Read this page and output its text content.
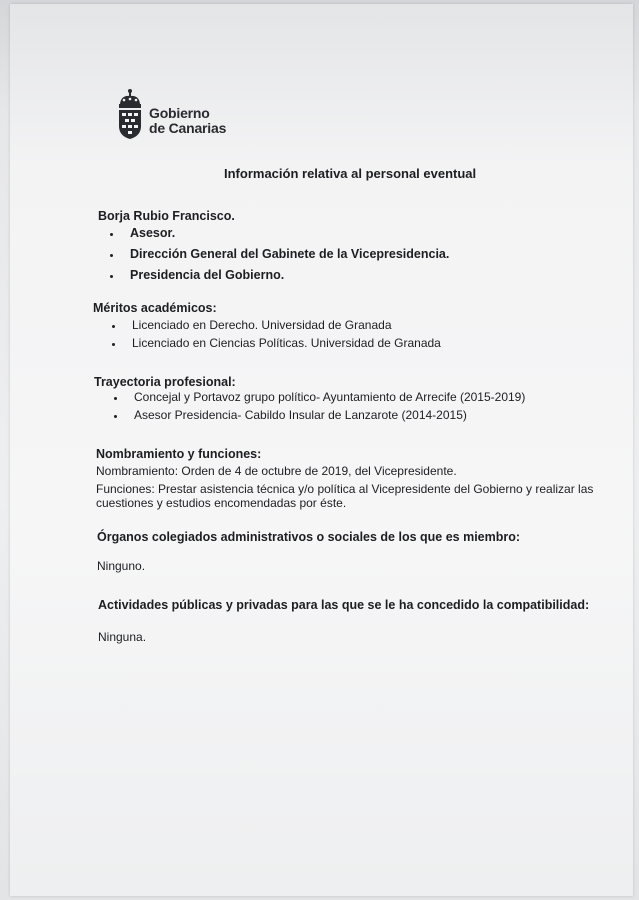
Gobierno
de Canarias
Información relativa al personal eventual
Borja Rubio Francisco.
Asesor.
Dirección General del Gabinete de la Vicepresidencia.
Presidencia del Gobierno.
Méritos académicos:
Licenciado en Derecho. Universidad de Granada
Licenciado en Ciencias Políticas. Universidad de Granada
Trayectoria profesional:
Concejal y Portavoz grupo político- Ayuntamiento de Arrecife (2015-2019)
Asesor Presidencia- Cabildo Insular de Lanzarote (2014-2015)
Nombramiento y funciones:
Nombramiento: Orden de 4 de octubre de 2019, del Vicepresidente.
Funciones: Prestar asistencia técnica y/o política al Vicepresidente del Gobierno y realizar las cuestiones y estudios encomendadas por éste.
Órganos colegiados administrativos o sociales de los que es miembro:
Ninguno.
Actividades públicas y privadas para las que se le ha concedido la compatibilidad:
Ninguna.
